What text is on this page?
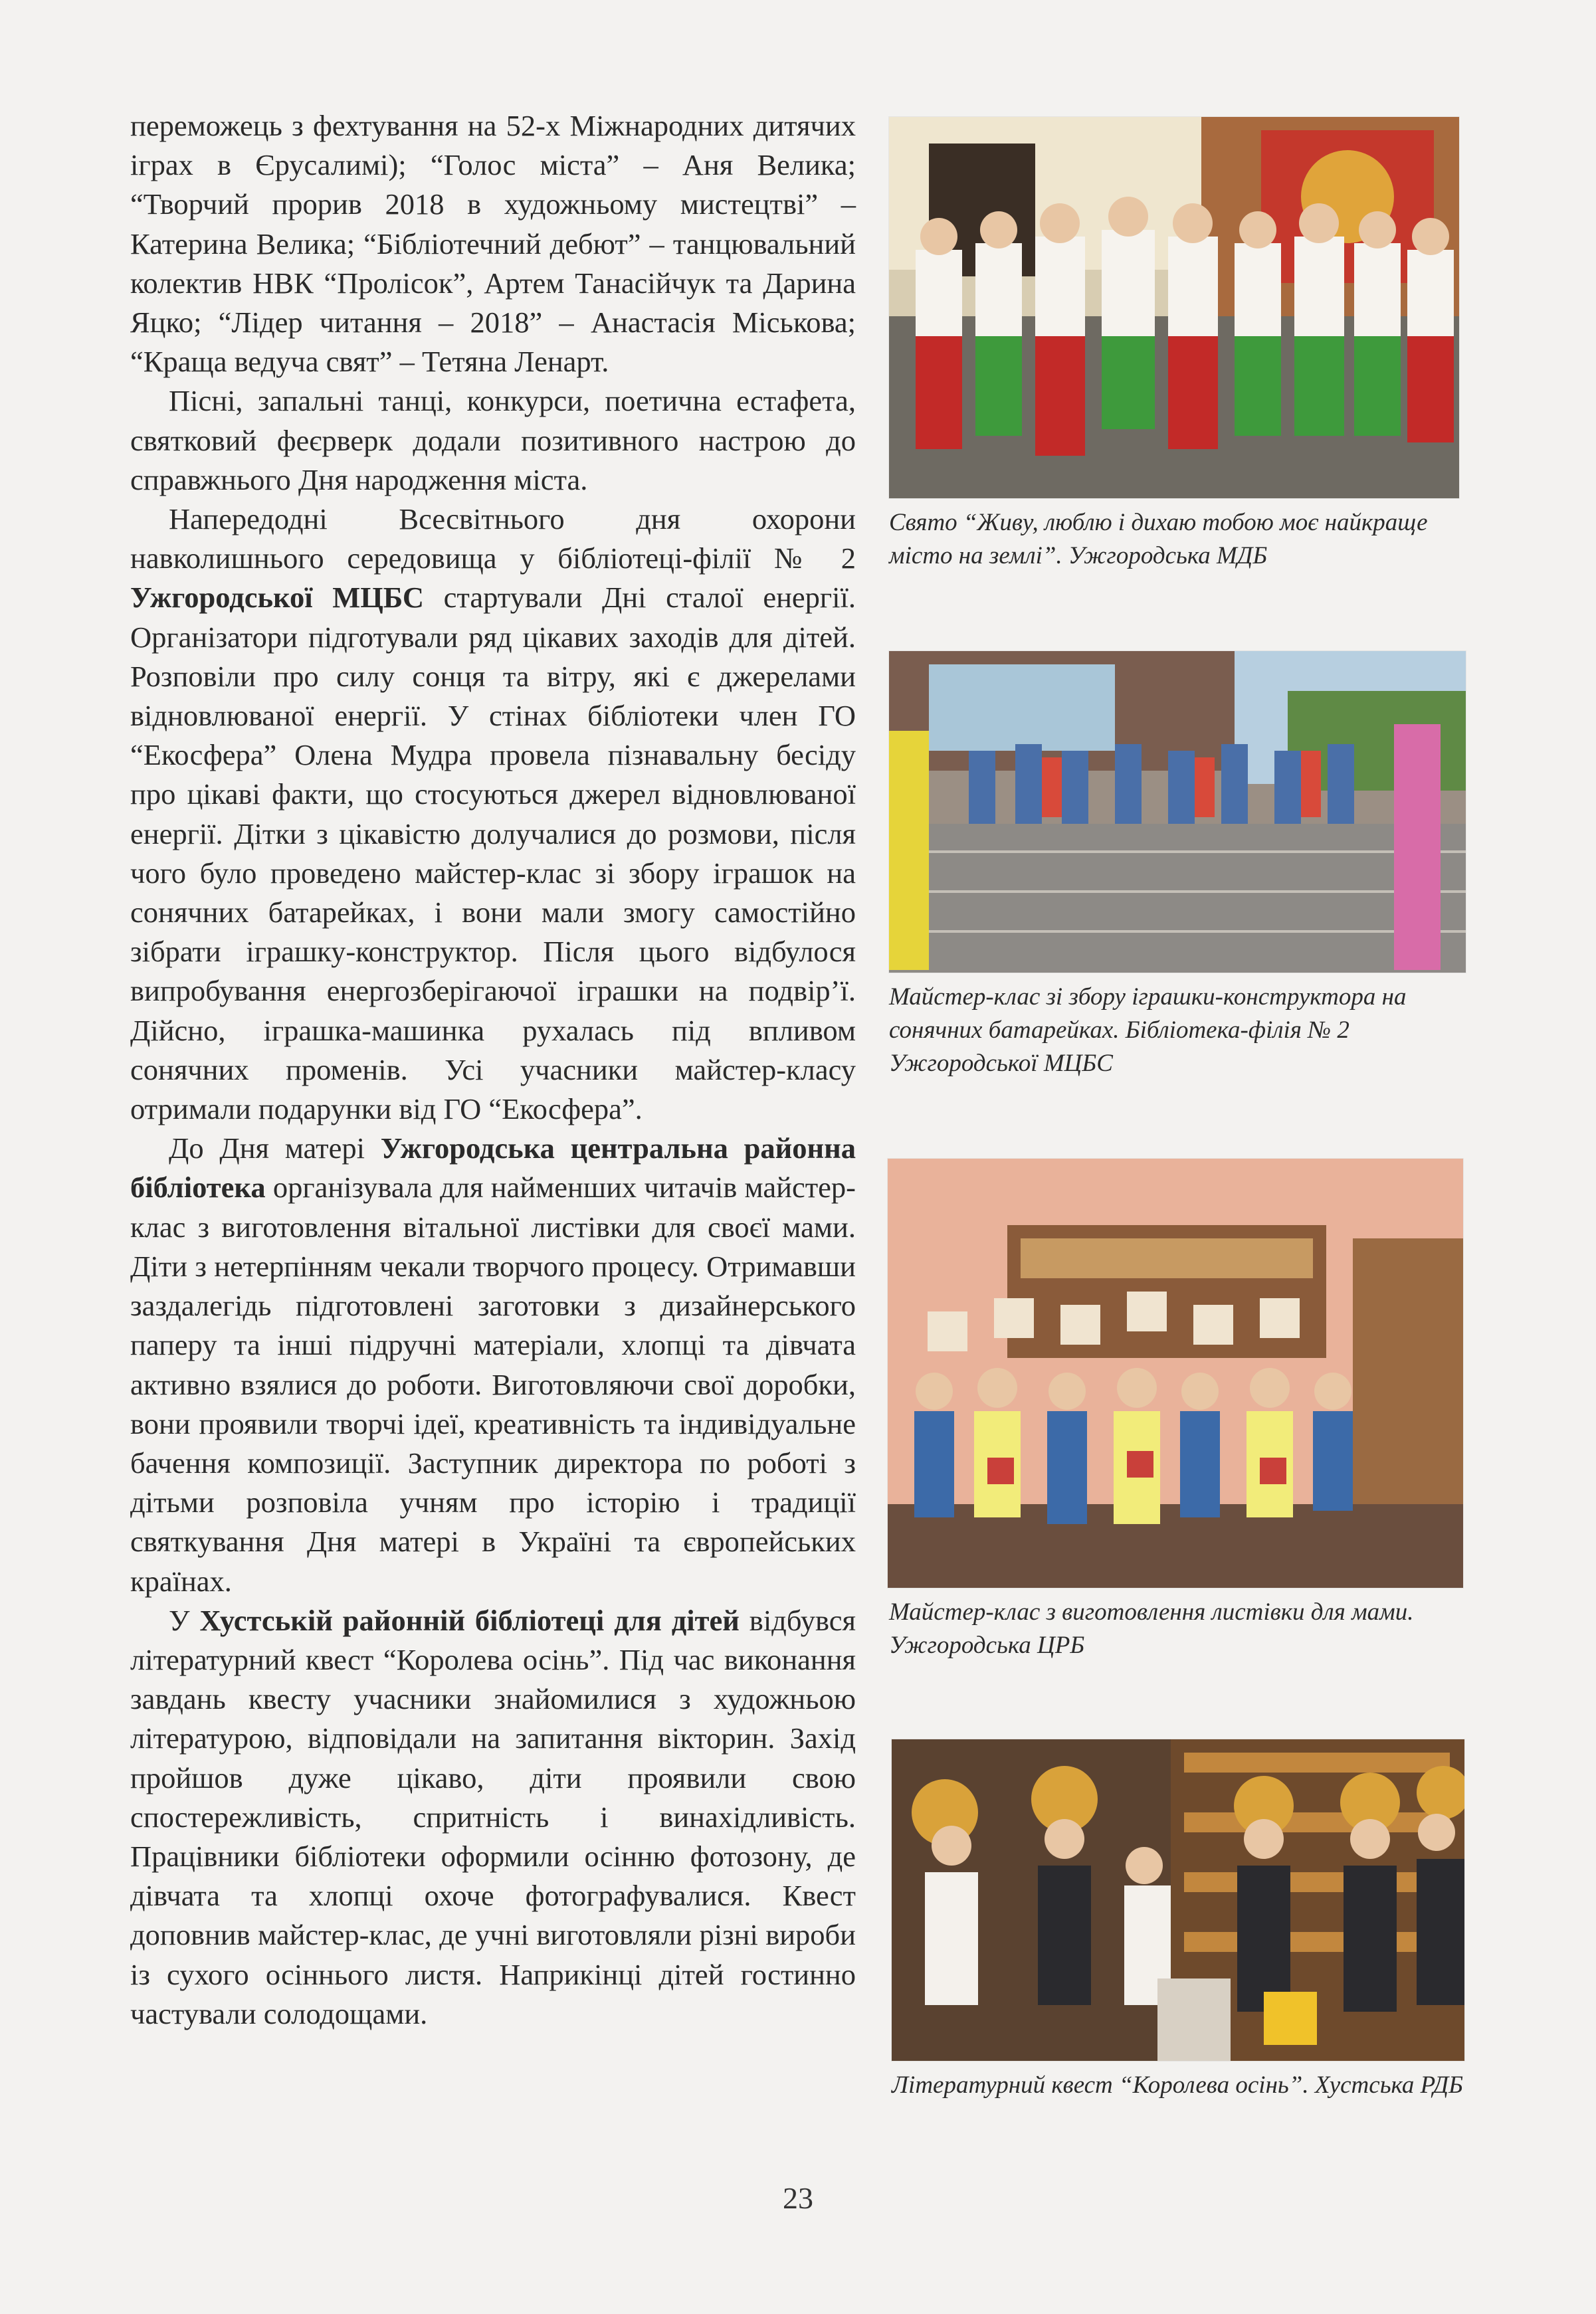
переможець з фехтування на 52-х Міжнародних дитячих іграх в Єрусалимі); “Голос міста” – Аня Велика; “Творчий прорив 2018 в художньому мистецтві” – Катерина Велика; “Бібліотечний дебют” – танцювальний колектив НВК “Пролісок”, Артем Танасійчук та Дарина Яцко; “Лідер читання – 2018” – Анастасія Міськова; “Краща ведуча свят” – Тетяна Ленарт.

Пісні, запальні танці, конкурси, поетична естафета, святковий феєрверк додали позитивного настрою до справжнього Дня народження міста.

Напередодні Всесвітнього дня охорони навколишнього середовища у бібліотеці-філії № 2 Ужгородської МЦБС стартували Дні сталої енергії. Організатори підготували ряд цікавих заходів для дітей. Розповіли про силу сонця та вітру, які є джерелами відновлюваної енергії. У стінах бібліотеки член ГО “Екосфера” Олена Мудра провела пізнавальну бесіду про цікаві факти, що стосуються джерел відновлюваної енергії. Дітки з цікавістю долучалися до розмови, після чого було проведено майстер-клас зі збору іграшок на сонячних батарейках, і вони мали змогу самостійно зібрати іграшку-конструктор. Після цього відбулося випробування енергозберігаючої іграшки на подвір’ї. Дійсно, іграшка-машинка рухалась під впливом сонячних променів. Усі учасники майстер-класу отримали подарунки від ГО “Екосфера”.

До Дня матері Ужгородська центральна районна бібліотека організувала для найменших читачів майстер-клас з виготовлення вітальної листівки для своєї мами. Діти з нетерпінням чекали творчого процесу. Отримавши заздалегідь підготовлені заготовки з дизайнерського паперу та інші підручні матеріали, хлопці та дівчата активно взялися до роботи. Виготовляючи свої доробки, вони проявили творчі ідеї, креативність та індивідуальне бачення композиції. Заступник директора по роботі з дітьми розповіла учням про історію і традиції святкування Дня матері в Україні та європейських країнах.

У Хустській районній бібліотеці для дітей відбувся літературний квест “Королева осінь”. Під час виконання завдань квесту учасники знайомилися з художньою літературою, відповідали на запитання вікторин. Захід пройшов дуже цікаво, діти проявили свою спостережливість, спритність і винахідливість. Працівники бібліотеки оформили осінню фотозону, де дівчата та хлопці охоче фотографувалися. Квест доповнив майстер-клас, де учні виготовляли різні вироби із сухого осіннього листя. Наприкінці дітей гостинно частували солодощами.

Свято “Живу, люблю і дихаю тобою моє найкраще місто на землі”. Ужгородська МДБ
Майстер-клас зі збору іграшки-конструктора на сонячних батарейках. Бібліотека-філія № 2 Ужгородської МЦБС
Майстер-клас з виготовлення листівки для мами. Ужгородська ЦРБ
Літературний квест “Королева осінь”. Хустська РДБ
23
